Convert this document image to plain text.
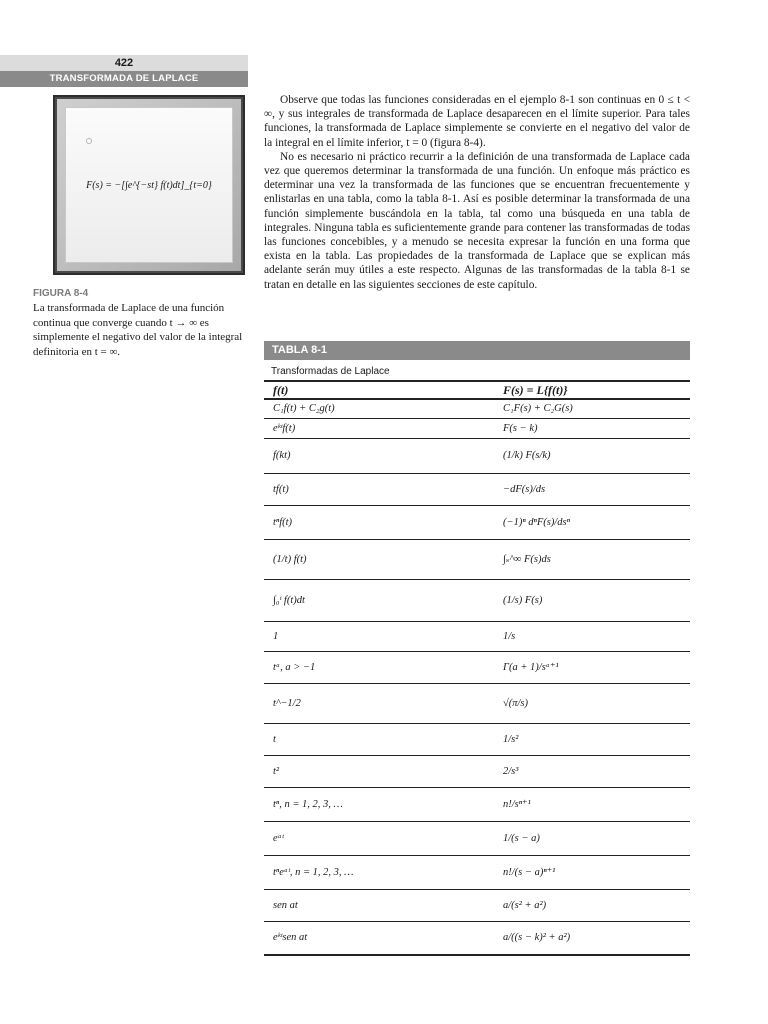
422
TRANSFORMADA DE LAPLACE
F(s) = −[∫e^{−st} f(t)dt]_{t=0}
FIGURA 8-4
La transformada de Laplace de una función continua que converge cuando t → ∞ es simplemente el negativo del valor de la integral definitoria en t = ∞.

Observe que todas las funciones consideradas en el ejemplo 8-1 son continuas en 0 ≤ t < ∞, y sus integrales de transformada de Laplace desaparecen en el límite superior. Para tales funciones, la transformada de Laplace simplemente se convierte en el negativo del valor de la integral en el límite inferior, t = 0 (figura 8-4).

No es necesario ni práctico recurrir a la definición de una transformada de Laplace cada vez que queremos determinar la transformada de una función. Un enfoque más práctico es determinar una vez la transformada de las funciones que se encuentran frecuentemente y enlistarlas en una tabla, como la tabla 8-1. Así es posible determinar la transformada de una función simplemente buscándola en la tabla, tal como una búsqueda en una tabla de integrales. Ninguna tabla es suficientemente grande para contener las transformadas de todas las funciones concebibles, y a menudo se necesita expresar la función en una forma que exista en la tabla. Las propiedades de la transformada de Laplace que se explican más adelante serán muy útiles a este respecto. Algunas de las transformadas de la tabla 8-1 se tratan en detalle en las siguientes secciones de este capítulo.

TABLA 8-1
Transformadas de Laplace
f(t)	F(s) = L{f(t)}
C₁f(t) + C₂g(t)	C₁F(s) + C₂G(s)
eᵏᵗf(t)	F(s − k)
f(kt)	(1/k) F(s/k)
tf(t)	−dF(s)/ds
tⁿf(t)	(−1)ⁿ dⁿF(s)/dsⁿ
(1/t) f(t)	∫ₛ^∞ F(s)ds
∫₀ᵗ f(t)dt	(1/s) F(s)
1	1/s
tᵃ, a > −1	Γ(a + 1)/sᵃ⁺¹
t^−1/2	√(π/s)
t	1/s²
t²	2/s³
tⁿ, n = 1, 2, 3, …	n!/sⁿ⁺¹
eᵃᵗ	1/(s − a)
tⁿeᵃᵗ, n = 1, 2, 3, …	n!/(s − a)ⁿ⁺¹
sen at	a/(s² + a²)
eᵏᵗsen at	a/((s − k)² + a²)
